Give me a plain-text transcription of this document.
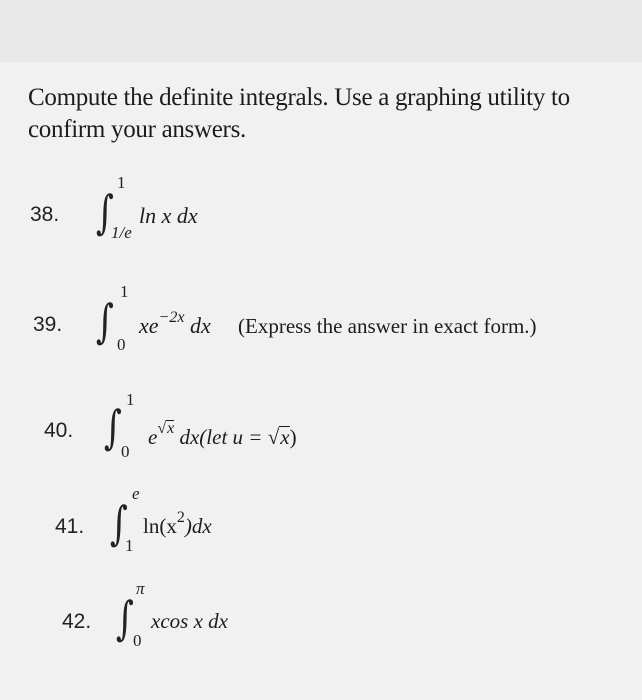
Compute the definite integrals. Use a graphing utility to confirm your answers.
38. ∫
1
1/e
ln x dx
39. ∫
1
0
$xe^{-2x}$ dx (Express the answer in exact form.)
40. ∫
1
0
$e^{√x}$ dx(let u = √x)
41. ∫
e
1
$\ln(x^2)dx$
42. ∫
π
0
xcos x dx
